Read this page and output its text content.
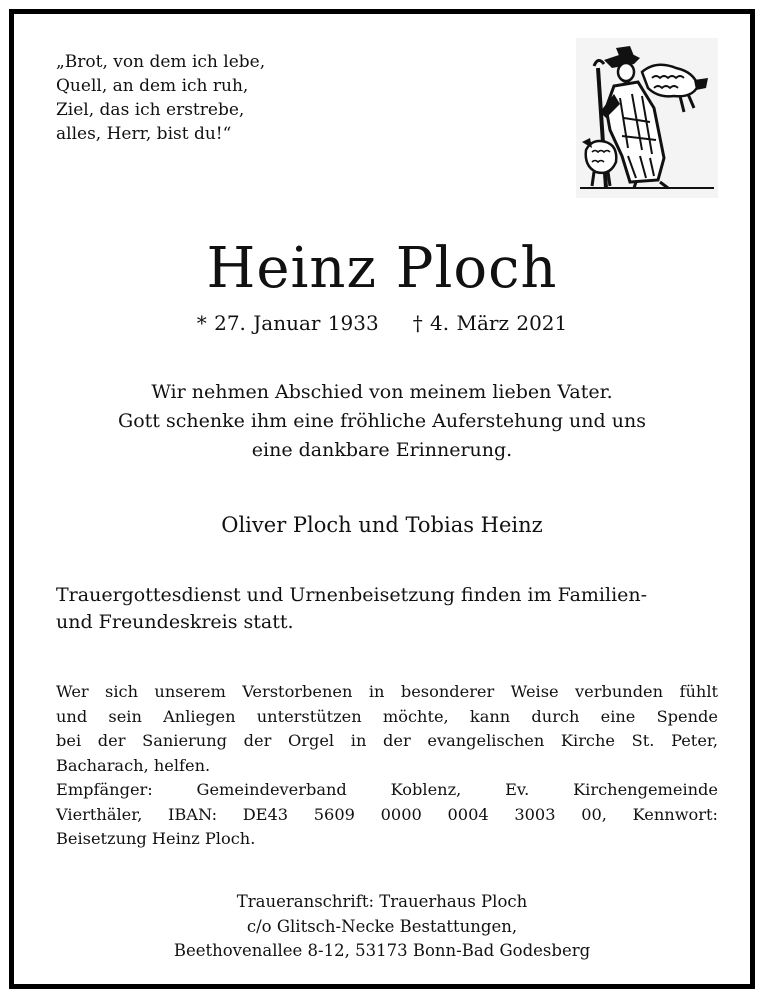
„Brot, von dem ich lebe,
Quell, an dem ich ruh,
Ziel, das ich erstrebe,
alles, Herr, bist du!“
Heinz Ploch
* 27. Januar 1933 † 4. März 2021
Wir nehmen Abschied von meinem lieben Vater.
Gott schenke ihm eine fröhliche Auferstehung und uns
eine dankbare Erinnerung.
Oliver Ploch und Tobias Heinz
Trauergottesdienst und Urnenbeisetzung finden im Familien-
und Freundeskreis statt.
Wer sich unserem Verstorbenen in besonderer Weise verbunden fühlt
und sein Anliegen unterstützen möchte, kann durch eine Spende
bei der Sanierung der Orgel in der evangelischen Kirche St. Peter,
Bacharach, helfen.
Empfänger: Gemeindeverband Koblenz, Ev. Kirchengemeinde
Vierthäler, IBAN: DE43 5609 0000 0004 3003 00, Kennwort:
Beisetzung Heinz Ploch.
Traueranschrift: Trauerhaus Ploch
c/o Glitsch-Necke Bestattungen,
Beethovenallee 8-12, 53173 Bonn-Bad Godesberg
